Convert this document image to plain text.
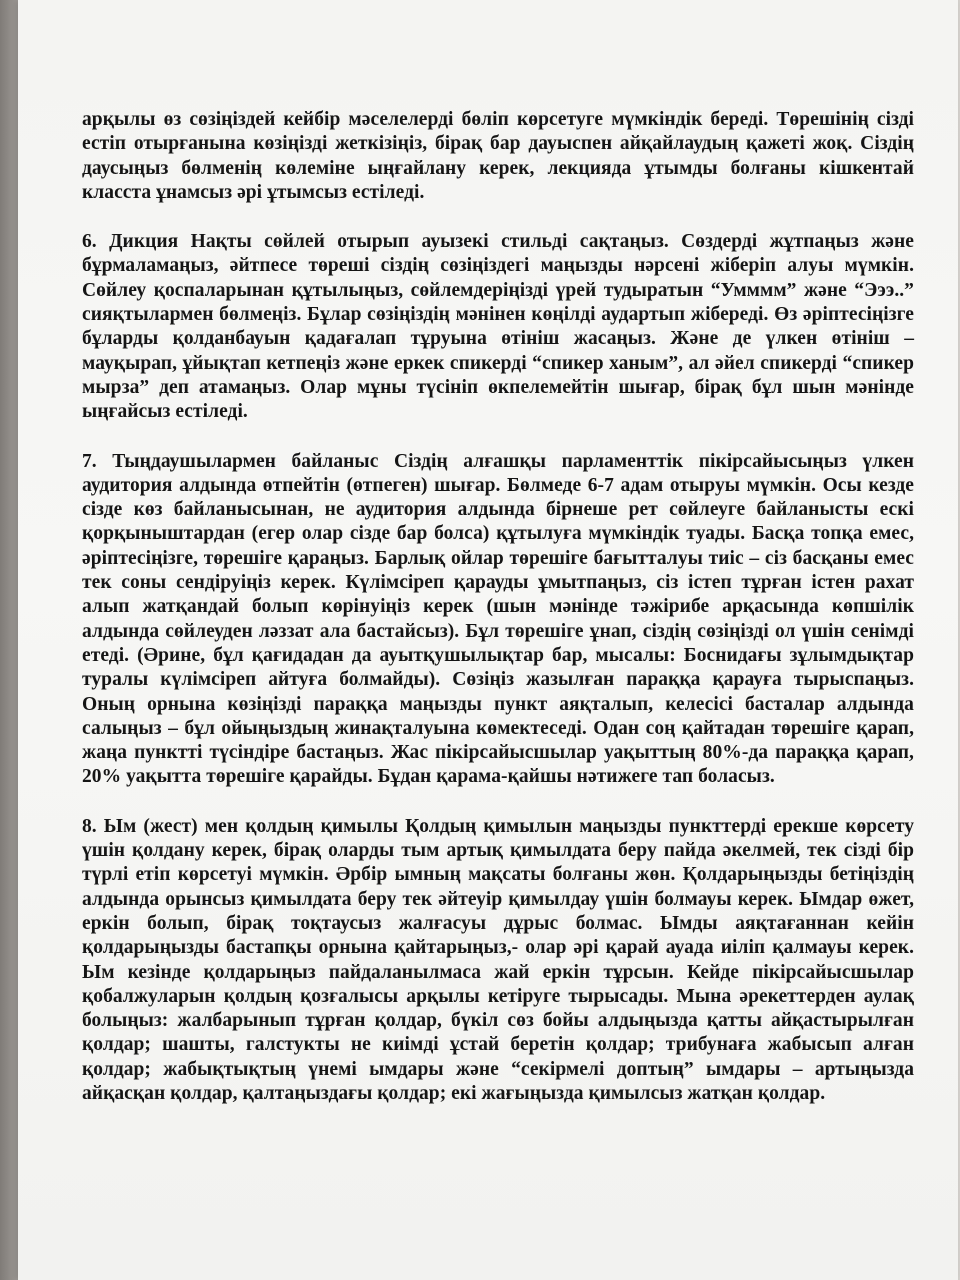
арқылы өз сөзіңіздей кейбір мәселелерді бөліп көрсетуге мүмкіндік береді. Төрешінің сізді естіп отырғанына көзіңізді жеткізіңіз, бірақ бар дауыспен айқайлаудың қажеті жоқ. Сіздің даусыңыз бөлменің көлеміне ыңғайлану керек, лекцияда ұтымды болғаны кішкентай класста ұнамсыз әрі ұтымсыз естіледі.

6. Дикция Нақты сөйлей отырып ауызекі стильді сақтаңыз. Сөздерді жұтпаңыз және бұрмаламаңыз, әйтпесе төреші сіздің сөзіңіздегі маңызды нәрсені жіберіп алуы мүмкін. Сөйлеу қоспаларынан құтылыңыз, сөйлемдеріңізді үрей тудыратын “Умммм” және “Эээ..” сияқтылармен бөлмеңіз. Бұлар сөзіңіздің мәнінен көңілді аудартып жібереді. Өз әріптесіңізге бұларды қолданбауын қадағалап тұруына өтініш жасаңыз. Және де үлкен өтініш – мауқырап, ұйықтап кетпеңіз және еркек спикерді “спикер ханым”, ал әйел спикерді “спикер мырза” деп атамаңыз. Олар мұны түсініп өкпелемейтін шығар, бірақ бұл шын мәнінде ыңғайсыз естіледі.

7. Тыңдаушылармен байланыс Сіздің алғашқы парламенттік пікірсайысыңыз үлкен аудитория алдында өтпейтін (өтпеген) шығар. Бөлмеде 6-7 адам отыруы мүмкін. Осы кезде сізде көз байланысынан, не аудитория алдында бірнеше рет сөйлеуге байланысты ескі қорқыныштардан (егер олар сізде бар болса) құтылуға мүмкіндік туады. Басқа топқа емес, әріптесіңізге, төрешіге қараңыз. Барлық ойлар төрешіге бағытталуы тиіс – сіз басқаны емес тек соны сендіруіңіз керек. Күлімсіреп қарауды ұмытпаңыз, сіз істеп тұрған істен рахат алып жатқандай болып көрінуіңіз керек (шын мәнінде тәжірибе арқасында көпшілік алдында сөйлеуден ләззат ала бастайсыз). Бұл төрешіге ұнап, сіздің сөзіңізді ол үшін сенімді етеді. (Әрине, бұл қағидадан да ауытқушылықтар бар, мысалы: Боснидағы зұлымдықтар туралы күлімсіреп айтуға болмайды). Сөзіңіз жазылған параққа қарауға тырыспаңыз. Оның орнына көзіңізді параққа маңызды пункт аяқталып, келесісі басталар алдында салыңыз – бұл ойыңыздың жинақталуына көмектеседі. Одан соң қайтадан төрешіге қарап, жаңа пунктті түсіндіре бастаңыз. Жас пікірсайысшылар уақыттың 80%-да параққа қарап, 20% уақытта төрешіге қарайды. Бұдан қарама-қайшы нәтижеге тап боласыз.

8. Ым (жест) мен қолдың қимылы Қолдың қимылын маңызды пункттерді ерекше көрсету үшін қолдану керек, бірақ оларды тым артық қимылдата беру пайда әкелмей, тек сізді бір түрлі етіп көрсетуі мүмкін. Әрбір ымның мақсаты болғаны жөн. Қолдарыңызды бетіңіздің алдында орынсыз қимылдата беру тек әйтеуір қимылдау үшін болмауы керек. Ымдар өжет, еркін болып, бірақ тоқтаусыз жалғасуы дұрыс болмас. Ымды аяқтағаннан кейін қолдарыңызды бастапқы орнына қайтарыңыз,- олар әрі қарай ауада иіліп қалмауы керек. Ым кезінде қолдарыңыз пайдаланылмаса жай еркін тұрсын. Кейде пікірсайысшылар қобалжуларын қолдың қозғалысы арқылы кетіруге тырысады. Мына әрекеттерден аулақ болыңыз: жалбарынып тұрған қолдар, бүкіл сөз бойы алдыңызда қатты айқастырылған қолдар; шашты, галстукты не киімді ұстай беретін қолдар; трибунаға жабысып алған қолдар; жабықтықтың үнемі ымдары және “секірмелі доптың” ымдары – артыңызда айқасқан қолдар, қалтаңыздағы қолдар; екі жағыңызда қимылсыз жатқан қолдар.
